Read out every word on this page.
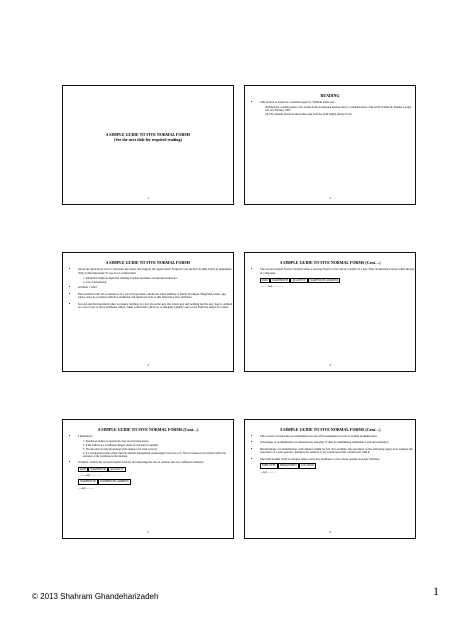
A SIMPLE GUIDE TO FIVE NORMAL FORMS
(See the next slide for required reading)
1
READING
• This lecture is based on a seminal paper by William Kent, see:
William Kent. A simple guide to five normal forms in relational database theory. Communications of the ACM, Volume 26, Number 2, pages 120-125, February 1983.
All USC students should download this paper from the ACM Digital Library Portal.
2
A SIMPLE GUIDE TO FIVE NORMAL FORMS
• Given an application, how to structure the tables that support the application? Solution: Use the five normal forms as guidelines. Why is this important? It one is not careful then:
1. Information might be duplicated resulting in update anomalies, and data inconsistencies.
2. Loss of information.
• attribute = field
• First normal form: all occurrences of a record type must contain the same number of fields. Example: Emp(SS#, name, age, salary, dno) is a relation with five attributes. All tuples/records of this table have five attributes.
• Second and third normal forms: A nonkey attribute is a fact about the key, the whole key and nothing but the key. Key is defined as a set of one or more attributes which, taken collectively, allow us to uniquely identify one record from the others in a table.
3
A SIMPLE GUIDE TO FIVE NORMAL FORMS (Cont…)
• The second normal form is violated when a non-key field is a fact about a subset of a key. This circumstance arises when the key is composite,
PART	WAREHOUSE	QUANTITY	WAREHOUSE-ADDRESS
……….key………….
4
A SIMPLE GUIDE TO FIVE NORMAL FORMS (Cont…)
• Limitations:
1. Warehouse address is repeated in every record (waste space).
2. If the address of a warehouse changes, many records must be updated.
3. The data may become inconsistent if the update is not done correctly.
4. If a warehouse becomes empty then the database management system might loose track of it. This is because its record must reflect the existence of the warehouse in the database.
• Solution: Satisfy the second normal form by decomposing the above relation into two different relations:
PART	WAREHOUSE	QUANTITY
……….key………….
WAREHOUSE	WAREHOUSE-ADDRESS
…..key………
5
A SIMPLE GUIDE TO FIVE NORMAL FORMS (Cont…)
• The process of replacing un-normalized records with normalized records is termed normalization.
• Advantage of normalization: it enhances the integrity of data by minimizing redundancy and inconsistency.
• Disadvantage of normalization: performance might be lost. For example, the execution of the following query now requires the execution of a join operator: Retrieve the address of all warehouses that contain part with P.
• The third normal form is violated when a non-key attribute is a fact about another non-key attribute.
EMPLOYEE	DEPARTMENT	LOCATION
….key………
6
© 2013 Shahram Ghandeharizadeh	1
